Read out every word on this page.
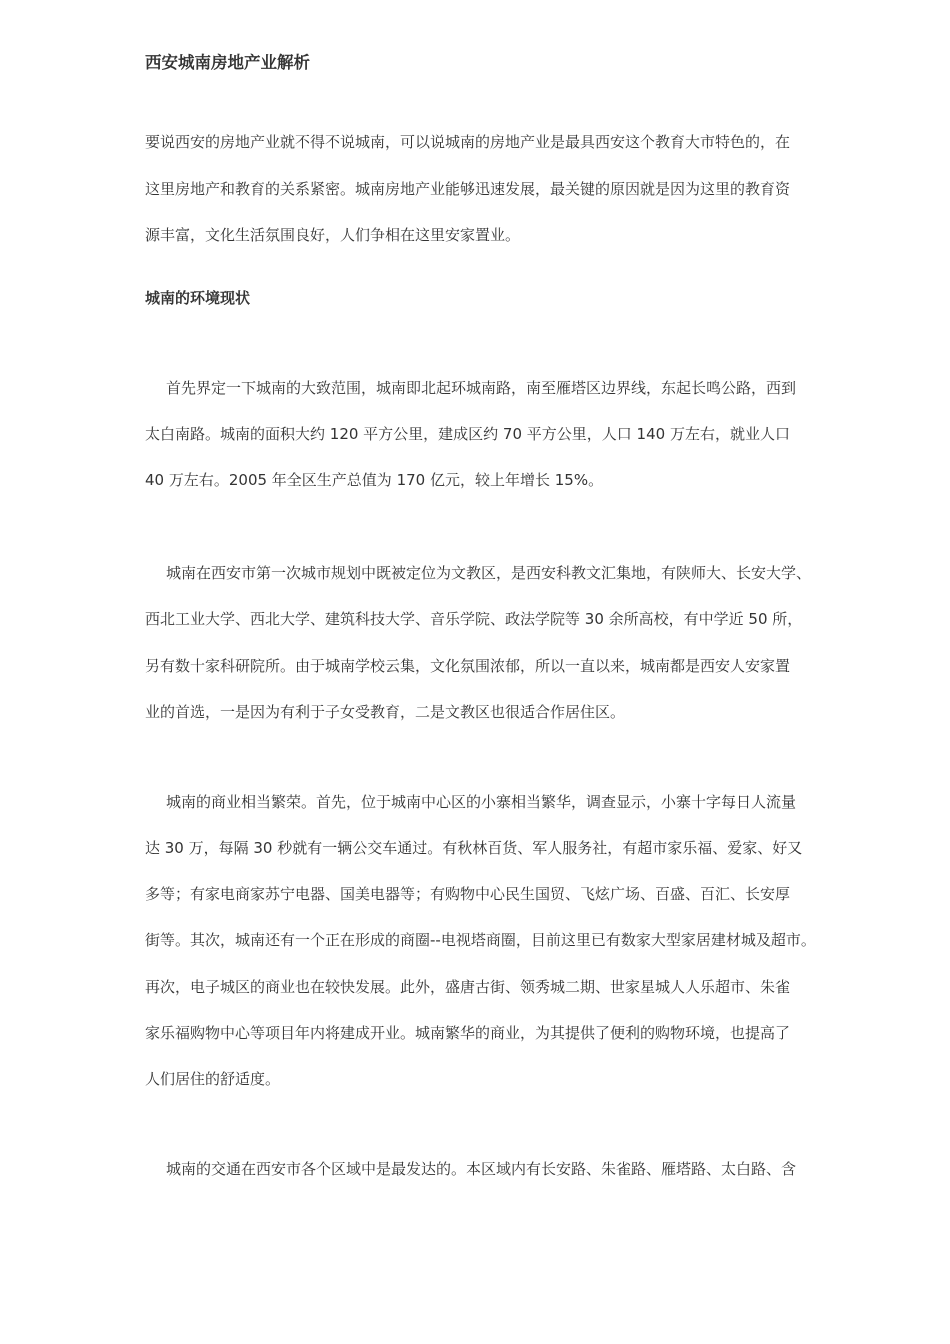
西安城南房地产业解析
要说西安的房地产业就不得不说城南，可以说城南的房地产业是最具西安这个教育大市特色的，在
这里房地产和教育的关系紧密。城南房地产业能够迅速发展，最关键的原因就是因为这里的教育资
源丰富，文化生活氛围良好，人们争相在这里安家置业。
城南的环境现状
首先界定一下城南的大致范围，城南即北起环城南路，南至雁塔区边界线，东起长鸣公路，西到
太白南路。城南的面积大约 120 平方公里，建成区约 70 平方公里，人口 140 万左右，就业人口
40 万左右。2005 年全区生产总值为 170 亿元，较上年增长 15%。
城南在西安市第一次城市规划中既被定位为文教区，是西安科教文汇集地，有陕师大、长安大学、
西北工业大学、西北大学、建筑科技大学、音乐学院、政法学院等 30 余所高校，有中学近 50 所，
另有数十家科研院所。由于城南学校云集，文化氛围浓郁，所以一直以来，城南都是西安人安家置
业的首选，一是因为有利于子女受教育，二是文教区也很适合作居住区。
城南的商业相当繁荣。首先，位于城南中心区的小寨相当繁华，调查显示，小寨十字每日人流量
达 30 万，每隔 30 秒就有一辆公交车通过。有秋林百货、军人服务社，有超市家乐福、爱家、好又
多等；有家电商家苏宁电器、国美电器等；有购物中心民生国贸、飞炫广场、百盛、百汇、长安厚
街等。其次，城南还有一个正在形成的商圈--电视塔商圈，目前这里已有数家大型家居建材城及超市。
再次，电子城区的商业也在较快发展。此外，盛唐古街、领秀城二期、世家星城人人乐超市、朱雀
家乐福购物中心等项目年内将建成开业。城南繁华的商业，为其提供了便利的购物环境，也提高了
人们居住的舒适度。
城南的交通在西安市各个区域中是最发达的。本区域内有长安路、朱雀路、雁塔路、太白路、含
